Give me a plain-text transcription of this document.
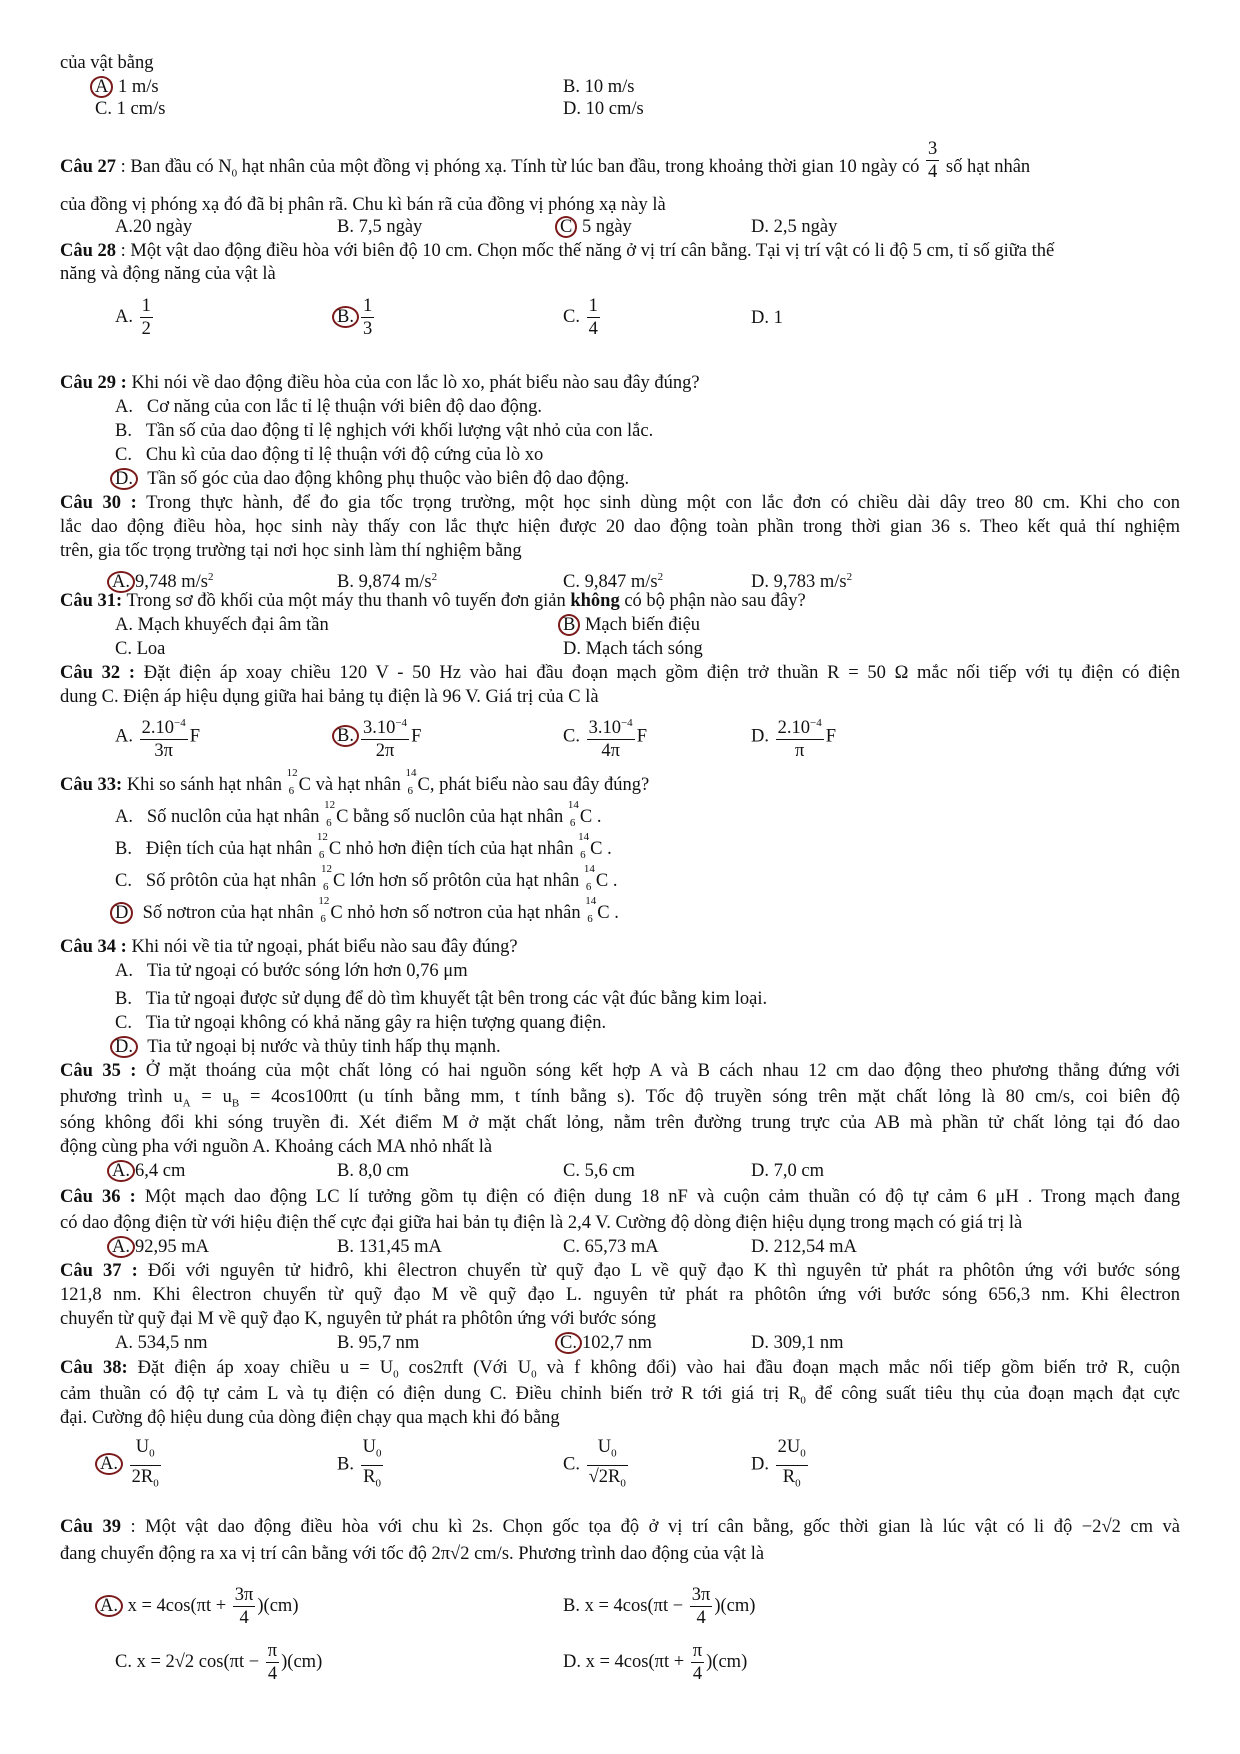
của vật bằng
A 1 m/s	B. 10 m/s
C. 1 cm/s	D. 10 cm/s
Câu 27 : Ban đầu có $N_0$ hạt nhân của một đồng vị phóng xạ. Tính từ lúc ban đầu, trong khoảng thời gian 10 ngày có $\frac{3}{4}$ số hạt nhân
của đồng vị phóng xạ đó đã bị phân rã. Chu kì bán rã của đồng vị phóng xạ này là
A.20 ngày	B. 7,5 ngày	C 5 ngày	D. 2,5 ngày
Câu 28 : Một vật dao động điều hòa với biên độ 10 cm. Chọn mốc thế năng ở vị trí cân bằng. Tại vị trí vật có li độ 5 cm, tỉ số giữa thế
năng và động năng của vật là
A. $\frac{1}{2}$	B. $\frac{1}{3}$	C. $\frac{1}{4}$	D. 1
Câu 29 : Khi nói về dao động điều hòa của con lắc lò xo, phát biểu nào sau đây đúng?
A. Cơ năng của con lắc tỉ lệ thuận với biên độ dao động.
B. Tần số của dao động tỉ lệ nghịch với khối lượng vật nhỏ của con lắc.
C. Chu kì của dao động tỉ lệ thuận với độ cứng của lò xo
D. Tần số góc của dao động không phụ thuộc vào biên độ dao động.
Câu 30 : Trong thực hành, để đo gia tốc trọng trường, một học sinh dùng một con lắc đơn có chiều dài dây treo 80 cm. Khi cho con
lắc dao động điều hòa, học sinh này thấy con lắc thực hiện được 20 dao động toàn phần trong thời gian 36 s. Theo kết quả thí nghiệm
trên, gia tốc trọng trường tại nơi học sinh làm thí nghiệm bằng
A. 9,748 $m/s^2$	B. 9,874 $m/s^2$	C. 9,847 $m/s^2$	D. 9,783 $m/s^2$
Câu 31: Trong sơ đồ khối của một máy thu thanh vô tuyến đơn giản không có bộ phận nào sau đây?
A. Mạch khuyếch đại âm tần	B Mạch biến điệu
C. Loa	D. Mạch tách sóng
Câu 32 : Đặt điện áp xoay chiều 120 V - 50 Hz vào hai đầu đoạn mạch gồm điện trở thuần R = 50 Ω mắc nối tiếp với tụ điện có điện
dung C. Điện áp hiệu dụng giữa hai bảng tụ điện là 96 V. Giá trị của C là
A. $\frac{2.10^{-4}}{3\pi}$ F	B. $\frac{3.10^{-4}}{2\pi}$ F	C. $\frac{3.10^{-4}}{4\pi}$ F	D. $\frac{2.10^{-4}}{\pi}$ F
Câu 33: Khi so sánh hạt nhân
12
6 C và hạt nhân
14
6 C, phát biểu nào sau đây đúng?
A. Số nuclôn của hạt nhân
12
6 C bằng số nuclôn của hạt nhân
14
6 C .
B. Điện tích của hạt nhân
12
6 C nhỏ hơn điện tích của hạt nhân
14
6 C .
C. Số prôtôn của hạt nhân
12
6 C lớn hơn số prôtôn của hạt nhân
14
6 C .
D Số nơtron của hạt nhân
12
6 C nhỏ hơn số nơtron của hạt nhân
14
6 C .
Câu 34 : Khi nói về tia tử ngoại, phát biểu nào sau đây đúng?
A. Tia tử ngoại có bước sóng lớn hơn 0,76 μm
B. Tia tử ngoại được sử dụng để dò tìm khuyết tật bên trong các vật đúc bằng kim loại.
C. Tia tử ngoại không có khả năng gây ra hiện tượng quang điện.
D. Tia tử ngoại bị nước và thủy tinh hấp thụ mạnh.
Câu 35 : Ở mặt thoáng của một chất lỏng có hai nguồn sóng kết hợp A và B cách nhau 12 cm dao động theo phương thẳng đứng với
phương trình $u_A = u_B = 4\cos 100\pi t$ (u tính bằng mm, t tính bằng s). Tốc độ truyền sóng trên mặt chất lỏng là 80 cm/s, coi biên độ
sóng không đổi khi sóng truyền đi. Xét điểm M ở mặt chất lỏng, nằm trên đường trung trực của AB mà phần tử chất lỏng tại đó dao
động cùng pha với nguồn A. Khoảng cách MA nhỏ nhất là
A. 6,4 cm	B. 8,0 cm	C. 5,6 cm	D. 7,0 cm
Câu 36 : Một mạch dao động LC lí tưởng gồm tụ điện có điện dung 18 nF và cuộn cảm thuần có độ tự cảm 6 μH . Trong mạch đang
có dao động điện từ với hiệu điện thế cực đại giữa hai bản tụ điện là 2,4 V. Cường độ dòng điện hiệu dụng trong mạch có giá trị là
A. 92,95 mA	B. 131,45 mA	C. 65,73 mA	D. 212,54 mA
Câu 37 : Đối với nguyên tử hiđrô, khi êlectron chuyển từ quỹ đạo L về quỹ đạo K thì nguyên tử phát ra phôtôn ứng với bước sóng
121,8 nm. Khi êlectron chuyển từ quỹ đạo M về quỹ đạo L. nguyên tử phát ra phôtôn ứng với bước sóng 656,3 nm. Khi êlectron
chuyển từ quỹ đại M về quỹ đạo K, nguyên tử phát ra phôtôn ứng với bước sóng
A. 534,5 nm	B. 95,7 nm	C. 102,7 nm	D. 309,1 nm
Câu 38: Đặt điện áp xoay chiều $u = U_0$ cos2πft (Với $U_0$ và f không đổi) vào hai đầu đoạn mạch mắc nối tiếp gồm biến trở R, cuộn
cảm thuần có độ tự cảm L và tụ điện có điện dung C. Điều chỉnh biến trở R tới giá trị $R_0$ để công suất tiêu thụ của đoạn mạch đạt cực
đại. Cường độ hiệu dung của dòng điện chạy qua mạch khi đó bằng
A. $\frac{U_0}{2R_0}$	B. $\frac{U_0}{R_0}$	C. $\frac{U_0}{√2R_0}$	D. $\frac{2U_0}{R_0}$
Câu 39 : Một vật dao động điều hòa với chu kì 2s. Chọn gốc tọa độ ở vị trí cân bằng, gốc thời gian là lúc vật có li độ −2√2 cm và
đang chuyển động ra xa vị trí cân bằng với tốc độ 2π√2 cm/s. Phương trình dao động của vật là
A. $x = 4\cos(\pi t + \frac{3\pi}{4} )(cm)$	B. $x = 4\cos(\pi t - \frac{3\pi}{4} )(cm)$
C. x = 2√2 $\cos(\pi t - \frac{\pi}{4} )(cm)$	D. $x = 4\cos(\pi t + \frac{\pi}{4} )(cm)$
